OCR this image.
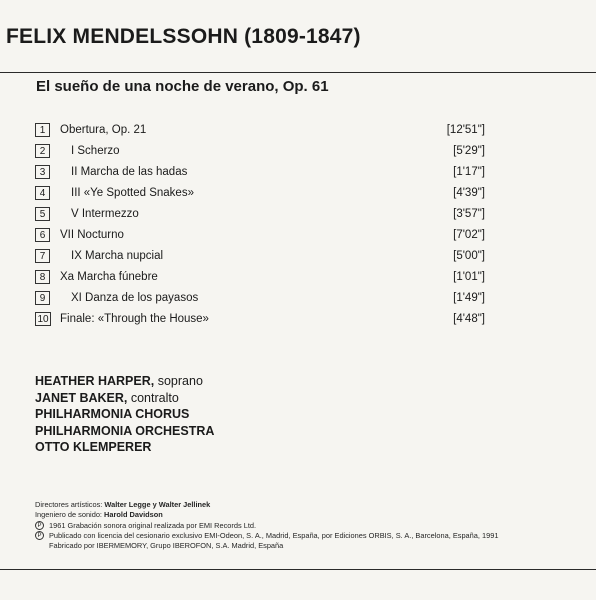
FELIX MENDELSSOHN (1809-1847)
El sueño de una noche de verano, Op. 61
1	Obertura, Op. 21	[12'51"]
2	I Scherzo	[5'29"]
3	II Marcha de las hadas	[1'17"]
4	III «Ye Spotted Snakes»	[4'39"]
5	V Intermezzo	[3'57"]
6	VII Nocturno	[7'02"]
7	IX Marcha nupcial	[5'00"]
8	Xa Marcha fúnebre	[1'01"]
9	XI Danza de los payasos	[1'49"]
10 Finale: «Through the House»	[4'48"]
HEATHER HARPER, soprano
JANET BAKER, contralto
PHILHARMONIA CHORUS
PHILHARMONIA ORCHESTRA
OTTO KLEMPERER
Directores artísticos: Walter Legge y Walter Jellinek
Ingeniero de sonido: Harold Davidson
P	1961 Grabación sonora original realizada por EMI Records Ltd.
P	Publicado con licencia del cesionario exclusivo EMI-Odeon, S. A., Madrid, España, por Ediciones ORBIS, S. A., Barcelona, España, 1991
Fabricado por IBERMEMORY, Grupo IBEROFON, S.A. Madrid, España
